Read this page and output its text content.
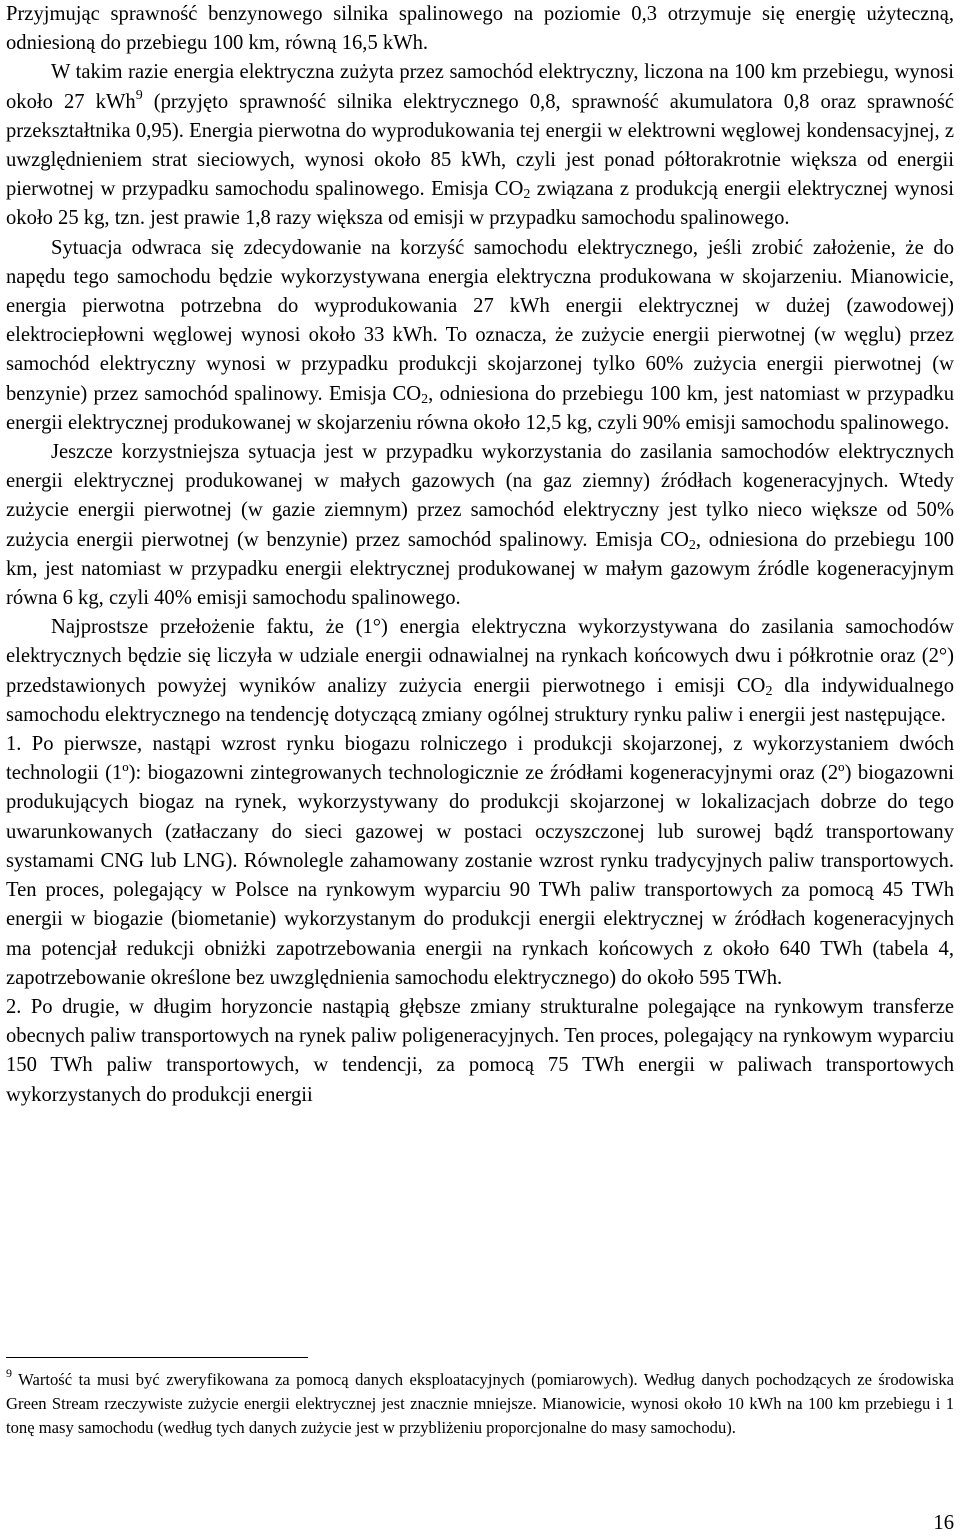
Przyjmując sprawność benzynowego silnika spalinowego na poziomie 0,3 otrzymuje się energię użyteczną, odniesioną do przebiegu 100 km, równą 16,5 kWh.

W takim razie energia elektryczna zużyta przez samochód elektryczny, liczona na 100 km przebiegu, wynosi około 27 kWh$^9$ (przyjęto sprawność silnika elektrycznego 0,8, sprawność akumulatora 0,8 oraz sprawność przekształtnika 0,95). Energia pierwotna do wyprodukowania tej energii w elektrowni węglowej kondensacyjnej, z uwzględnieniem strat sieciowych, wynosi około 85 kWh, czyli jest ponad półtorakrotnie większa od energii pierwotnej w przypadku samochodu spalinowego. Emisja $CO_2$ związana z produkcją energii elektrycznej wynosi około 25 kg, tzn. jest prawie 1,8 razy większa od emisji w przypadku samochodu spalinowego.

Sytuacja odwraca się zdecydowanie na korzyść samochodu elektrycznego, jeśli zrobić założenie, że do napędu tego samochodu będzie wykorzystywana energia elektryczna produkowana w skojarzeniu. Mianowicie, energia pierwotna potrzebna do wyprodukowania 27 kWh energii elektrycznej w dużej (zawodowej) elektrociepłowni węglowej wynosi około 33 kWh. To oznacza, że zużycie energii pierwotnej (w węglu) przez samochód elektryczny wynosi w przypadku produkcji skojarzonej tylko 60% zużycia energii pierwotnej (w benzynie) przez samochód spalinowy. Emisja $CO_2$, odniesiona do przebiegu 100 km, jest natomiast w przypadku energii elektrycznej produkowanej w skojarzeniu równa około 12,5 kg, czyli 90% emisji samochodu spalinowego.

Jeszcze korzystniejsza sytuacja jest w przypadku wykorzystania do zasilania samochodów elektrycznych energii elektrycznej produkowanej w małych gazowych (na gaz ziemny) źródłach kogeneracyjnych. Wtedy zużycie energii pierwotnej (w gazie ziemnym) przez samochód elektryczny jest tylko nieco większe od 50% zużycia energii pierwotnej (w benzynie) przez samochód spalinowy. Emisja $CO_2$, odniesiona do przebiegu 100 km, jest natomiast w przypadku energii elektrycznej produkowanej w małym gazowym źródle kogeneracyjnym równa 6 kg, czyli 40% emisji samochodu spalinowego.

Najprostsze przełożenie faktu, że (1°) energia elektryczna wykorzystywana do zasilania samochodów elektrycznych będzie się liczyła w udziale energii odnawialnej na rynkach końcowych dwu i półkrotnie oraz (2°) przedstawionych powyżej wyników analizy zużycia energii pierwotnego i emisji $CO_2$ dla indywidualnego samochodu elektrycznego na tendencję dotyczącą zmiany ogólnej struktury rynku paliw i energii jest następujące.

1. Po pierwsze, nastąpi wzrost rynku biogazu rolniczego i produkcji skojarzonej, z wykorzystaniem dwóch technologii (1º): biogazowni zintegrowanych technologicznie ze źródłami kogeneracyjnymi oraz (2º) biogazowni produkujących biogaz na rynek, wykorzystywany do produkcji skojarzonej w lokalizacjach dobrze do tego uwarunkowanych (zatłaczany do sieci gazowej w postaci oczyszczonej lub surowej bądź transportowany systamami CNG lub LNG). Równolegle zahamowany zostanie wzrost rynku tradycyjnych paliw transportowych. Ten proces, polegający w Polsce na rynkowym wyparciu 90 TWh paliw transportowych za pomocą 45 TWh energii w biogazie (biometanie) wykorzystanym do produkcji energii elektrycznej w źródłach kogeneracyjnych ma potencjał redukcji obniżki zapotrzebowania energii na rynkach końcowych z około 640 TWh (tabela 4, zapotrzebowanie określone bez uwzględnienia samochodu elektrycznego) do około 595 TWh.

2. Po drugie, w długim horyzoncie nastąpią głębsze zmiany strukturalne polegające na rynkowym transferze obecnych paliw transportowych na rynek paliw poligeneracyjnych. Ten proces, polegający na rynkowym wyparciu 150 TWh paliw transportowych, w tendencji, za pomocą 75 TWh energii w paliwach transportowych wykorzystanych do produkcji energii

$^9$ Wartość ta musi być zweryfikowana za pomocą danych eksploatacyjnych (pomiarowych). Według danych pochodzących ze środowiska Green Stream rzeczywiste zużycie energii elektrycznej jest znacznie mniejsze. Mianowicie, wynosi około 10 kWh na 100 km przebiegu i 1 tonę masy samochodu (według tych danych zużycie jest w przybliżeniu proporcjonalne do masy samochodu).

16
